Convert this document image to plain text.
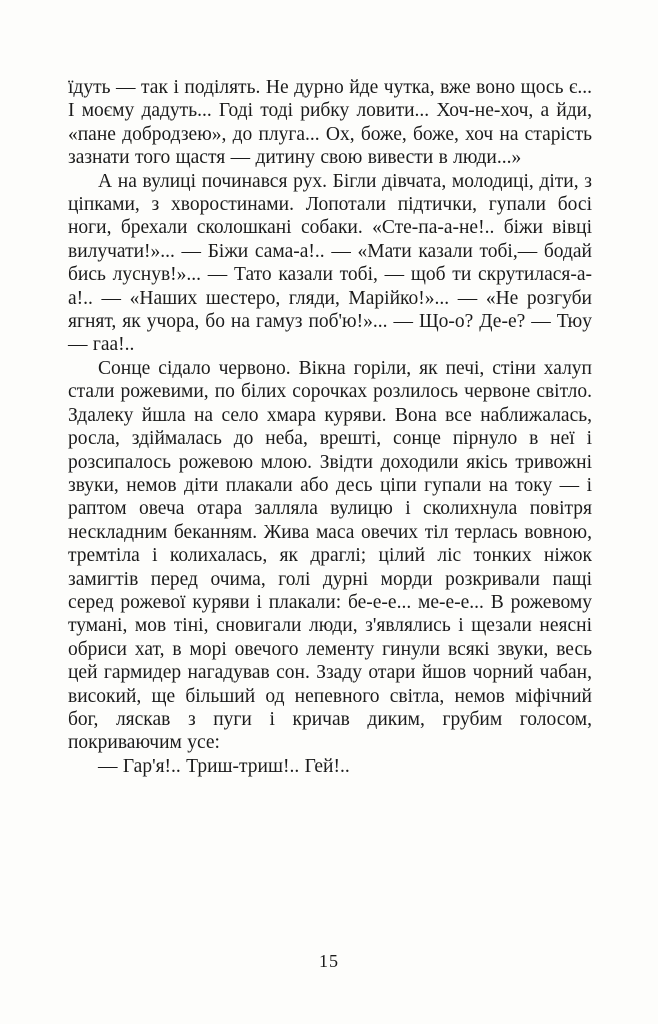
їдуть — так і поділять. Не дурно йде чутка, вже воно щось є... І моєму дадуть... Годі тоді рибку ловити... Хоч-не-хоч, а йди, «пане добродзею», до плуга... Ох, боже, боже, хоч на старість зазнати того щастя — дитину свою вивести в люди...»

А на вулиці починався рух. Бігли дівчата, молодиці, діти, з ціпками, з хворостинами. Лопотали підтички, гупали босі ноги, брехали сколошкані собаки. «Сте-па-а-не!.. біжи вівці вилучати!»... — Біжи сама-а!.. — «Мати казали тобі,— бодай бись луснув!»... — Тато казали тобі, — щоб ти скрутилася-а-а!.. — «Наших шестеро, гляди, Марійко!»... — «Не розгуби ягнят, як учора, бо на гамуз поб'ю!»... — Що-о? Де-е? — Тюу — гаа!..

Сонце сідало червоно. Вікна горіли, як печі, стіни халуп стали рожевими, по білих сорочках розлилось червоне світло. Здалеку йшла на село хмара куряви. Вона все наближалась, росла, здіймалась до неба, врешті, сонце пірнуло в неї і розсипалось рожевою млою. Звідти доходили якісь тривожні звуки, немов діти плакали або десь ціпи гупали на току — і раптом овеча отара залляла вулицю і сколихнула повітря нескладним беканням. Жива маса овечих тіл терлась вовною, тремтіла і колихалась, як драглі; цілий ліс тонких ніжок замигтів перед очима, голі дурні морди розкривали пащі серед рожевої куряви і плакали: бе-е-е... ме-е-е... В рожевому тумані, мов тіні, сновигали люди, з'являлись і щезали неясні обриси хат, в морі овечого лементу гинули всякі звуки, весь цей гармидер нагадував сон. Ззаду отари йшов чорний чабан, високий, ще більший од непевного світла, немов міфічний бог, ляскав з пуги і кричав диким, грубим голосом, покриваючим усе:

— Гар'я!.. Триш-триш!.. Гей!..

15
